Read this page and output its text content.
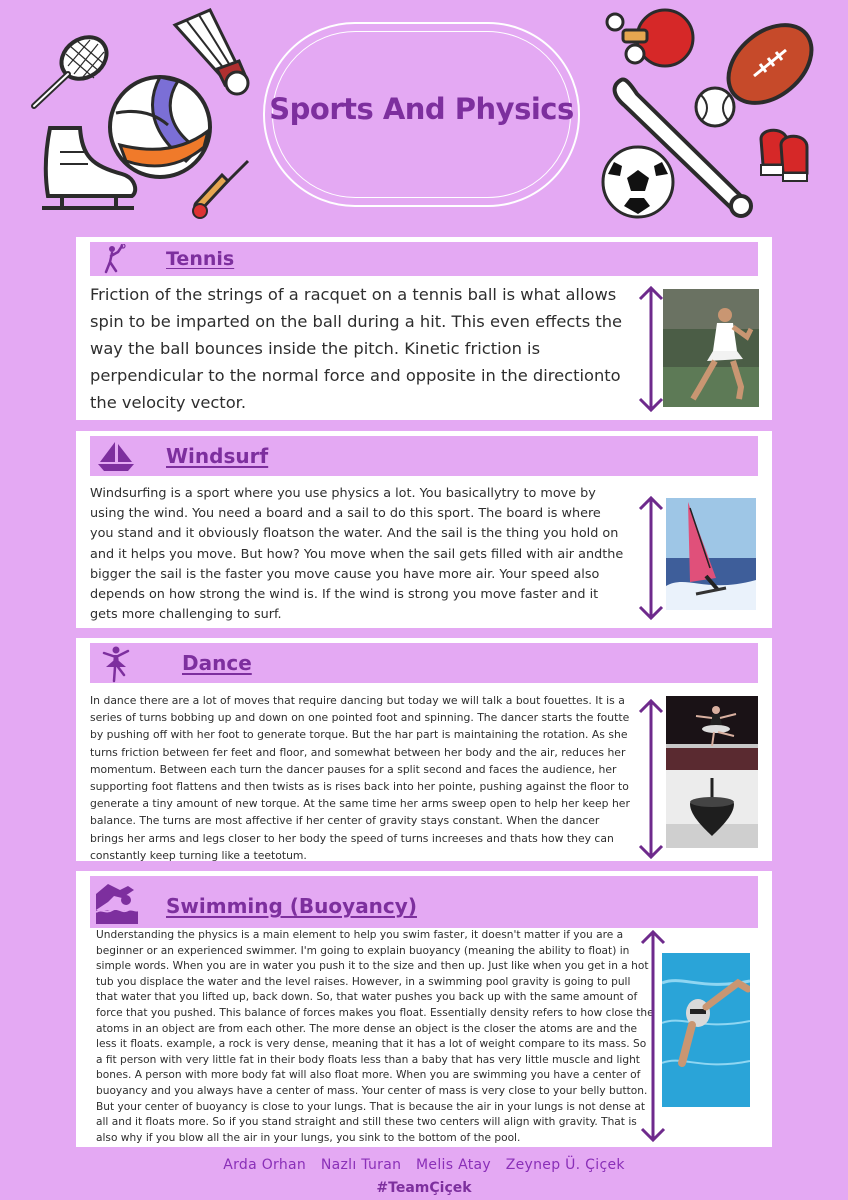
Sports And Physics
Tennis

Friction of the strings of a racquet on a tennis ball is what allows spin to be imparted on the ball during a hit. This even effects the way the ball bounces inside the pitch. Kinetic friction is perpendicular to the normal force and opposite in the directionto the velocity vector.

Windsurf

Windsurfing is a sport where you use physics a lot. You basicallytry to move by using the wind. You need a board and a sail to do this sport. The board is where you stand and it obviously floatson the water. And the sail is the thing you hold on and it helps you move. But how? You move when the sail gets filled with air andthe bigger the sail is the faster you move cause you have more air. Your speed also depends on how strong the wind is. If the wind is strong you move faster and it gets more challenging to surf.

Dance

In dance there are a lot of moves that require dancing but today we will talk a bout fouettes. It is a series of turns bobbing up and down on one pointed foot and spinning. The dancer starts the foutte by pushing off with her foot to generate torque. But the har part is maintaining the rotation. As she turns friction between fer feet and floor, and somewhat between her body and the air, reduces her momentum. Between each turn the dancer pauses for a split second and faces the audience, her supporting foot flattens and then twists as is rises back into her pointe, pushing against the floor to generate a tiny amount of new torque. At the same time her arms sweep open to help her keep her balance. The turns are most affective if her center of gravity stays constant. When the dancer brings her arms and legs closer to her body the speed of turns increeses and thats how they can constantly keep turning like a teetotum.

Swimming (Buoyancy)

Understanding the physics is a main element to help you swim faster, it doesn't matter if you are a beginner or an experienced swimmer. I'm going to explain buoyancy (meaning the ability to float) in simple words. When you are in water you push it to the size and then up. Just like when you get in a hot tub you displace the water and the level raises. However, in a swimming pool gravity is going to pull that water that you lifted up, back down. So, that water pushes you back up with the same amount of force that you pushed. This balance of forces makes you float. Essentially density refers to how close the atoms in an object are from each other. The more dense an object is the closer the atoms are and the less it floats. example, a rock is very dense, meaning that it has a lot of weight compare to its mass. So a fit person with very little fat in their body floats less than a baby that has very little muscle and light bones. A person with more body fat will also float more. When you are swimming you have a center of buoyancy and you always have a center of mass. Your center of mass is very close to your belly button. But your center of buoyancy is close to your lungs. That is because the air in your lungs is not dense at all and it floats more. So if you stand straight and still these two centers will align with gravity. That is also why if you blow all the air in your lungs, you sink to the bottom of the pool.

Arda Orhan Nazlı Turan Melis Atay Zeynep Ü. Çiçek
#TeamÇiçek
